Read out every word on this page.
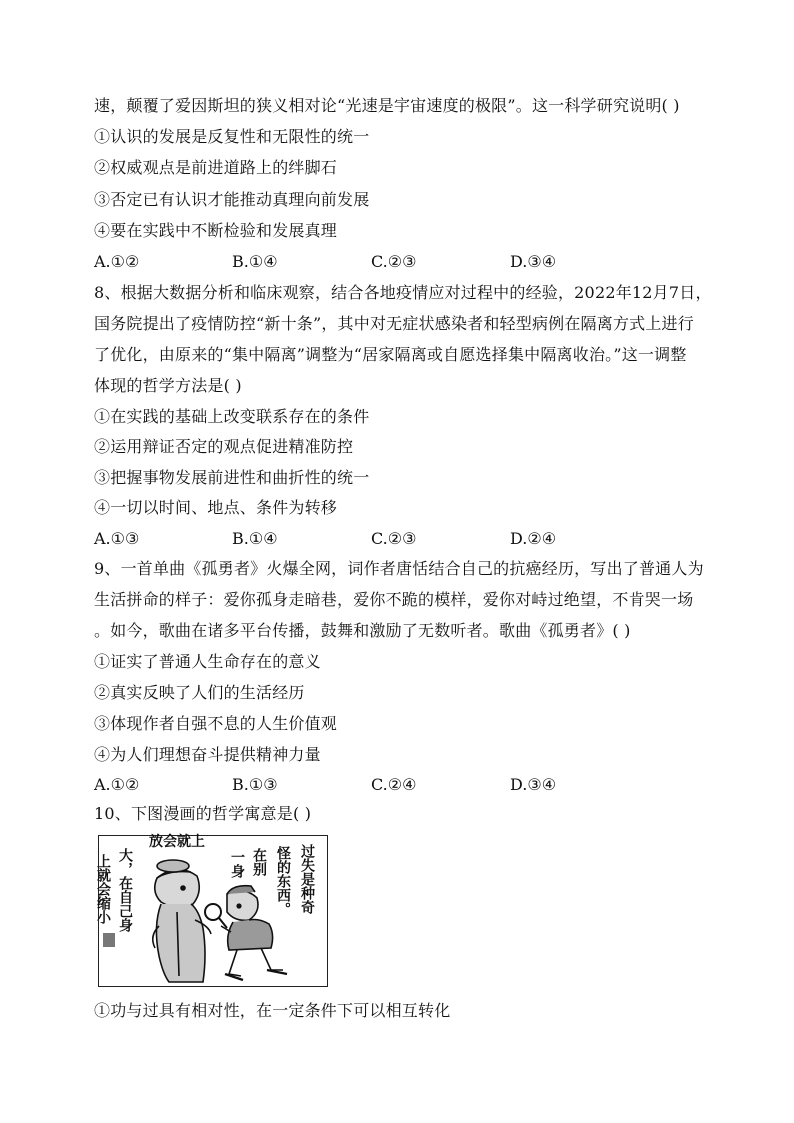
速，颠覆了爱因斯坦的狭义相对论“光速是宇宙速度的极限”。这一科学研究说明( )
①认识的发展是反复性和无限性的统一
②权威观点是前进道路上的绊脚石
③否定已有认识才能推动真理向前发展
④要在实践中不断检验和发展真理
A.①②	B.①④	C.②③	D.③④
8、根据大数据分析和临床观察，结合各地疫情应对过程中的经验，2022年12月7日，
国务院提出了疫情防控“新十条”，其中对无症状感染者和轻型病例在隔离方式上进行
了优化，由原来的“集中隔离”调整为“居家隔离或自愿选择集中隔离收治。”这一调整
体现的哲学方法是( )
①在实践的基础上改变联系存在的条件
②运用辩证否定的观点促进精准防控
③把握事物发展前进性和曲折性的统一
④一切以时间、地点、条件为转移
A.①③	B.①④	C.②③	D.②④
9、一首单曲《孤勇者》火爆全网，词作者唐恬结合自己的抗癌经历，写出了普通人为
生活拼命的样子：爱你孤身走暗巷，爱你不跪的模样，爱你对峙过绝望，不肯哭一场
。如今，歌曲在诸多平台传播，鼓舞和激励了无数听者。歌曲《孤勇者》( )
①证实了普通人生命存在的意义
②真实反映了人们的生活经历
③体现作者自强不息的人生价值观
④为人们理想奋斗提供精神力量
A.①②	B.①③	C.②④	D.③④
10、下图漫画的哲学寓意是( )
上就会缩小 大，在自己身
放会就上
一身 在别 怪的东西。 过失是种奇
①功与过具有相对性，在一定条件下可以相互转化
